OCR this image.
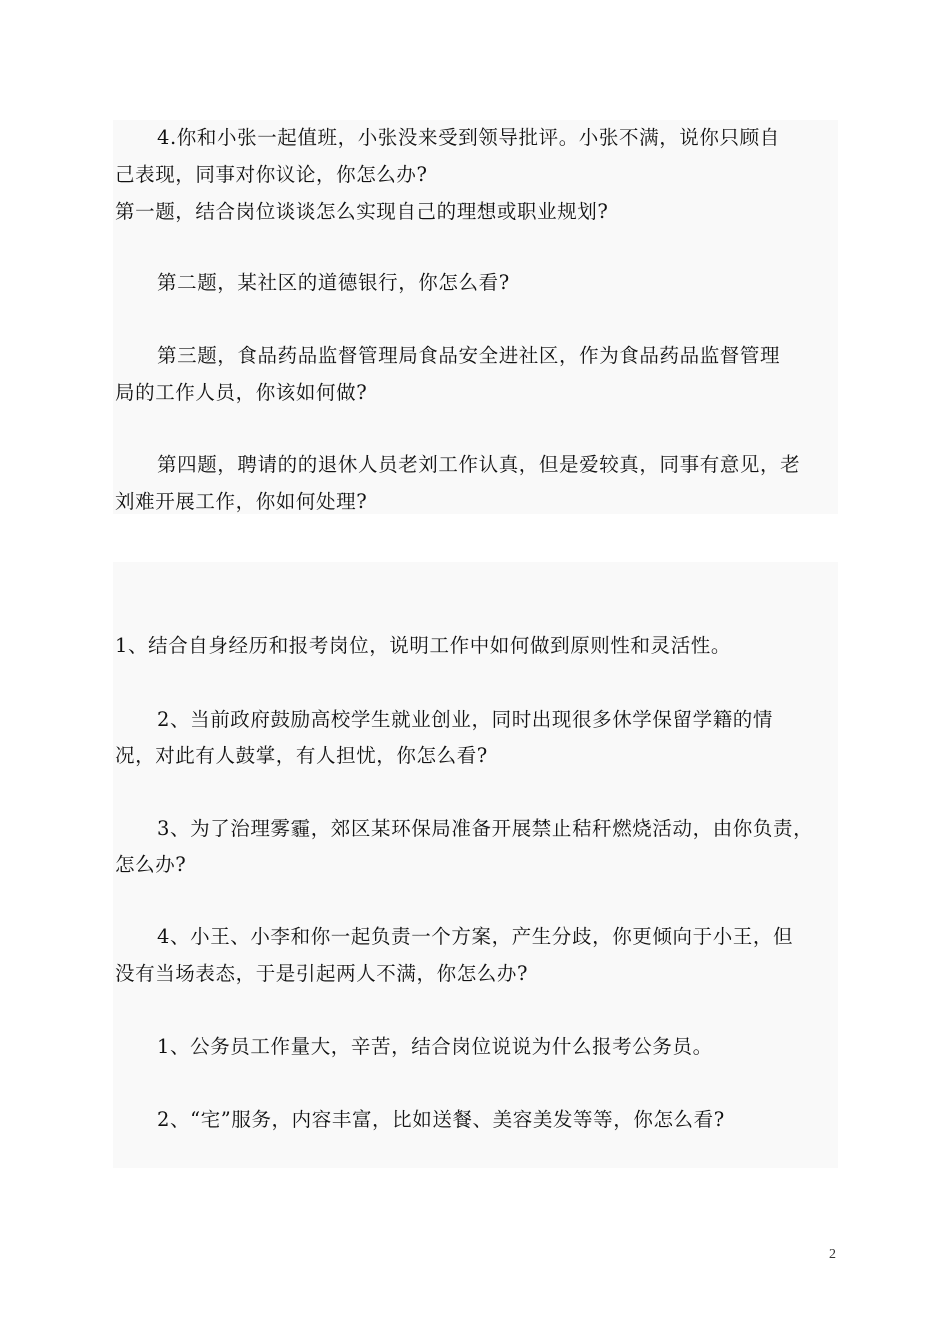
4.你和小张一起值班，小张没来受到领导批评。小张不满，说你只顾自
己表现，同事对你议论，你怎么办?
第一题，结合岗位谈谈怎么实现自己的理想或职业规划?
第二题，某社区的道德银行，你怎么看?
第三题，食品药品监督管理局食品安全进社区，作为食品药品监督管理
局的工作人员，你该如何做?
第四题，聘请的的退休人员老刘工作认真，但是爱较真，同事有意见，老
刘难开展工作，你如何处理?
1、结合自身经历和报考岗位，说明工作中如何做到原则性和灵活性。
2、当前政府鼓励高校学生就业创业，同时出现很多休学保留学籍的情
况，对此有人鼓掌，有人担忧，你怎么看?
3、为了治理雾霾，郊区某环保局准备开展禁止秸秆燃烧活动，由你负责，
怎么办?
4、小王、小李和你一起负责一个方案，产生分歧，你更倾向于小王，但
没有当场表态，于是引起两人不满，你怎么办?
1、公务员工作量大，辛苦，结合岗位说说为什么报考公务员。
2、“宅”服务，内容丰富，比如送餐、美容美发等等，你怎么看?
2
